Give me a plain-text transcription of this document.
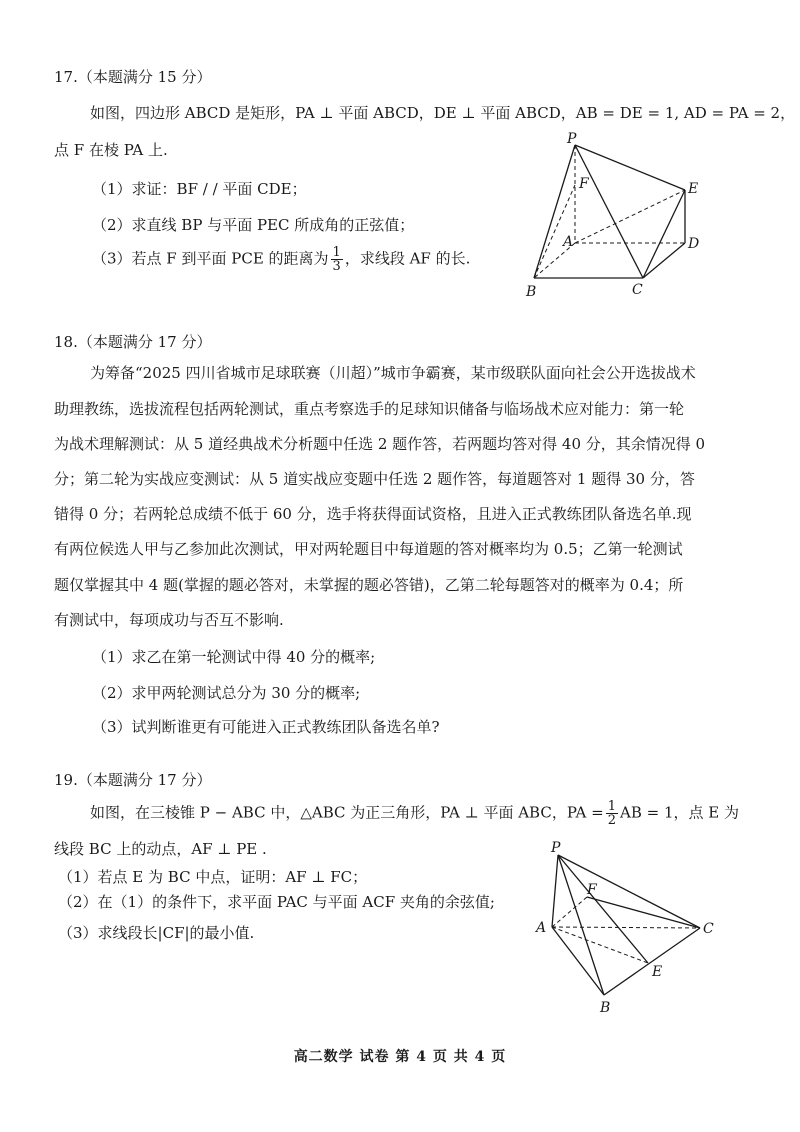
17.（本题满分 15 分）
如图，四边形 ABCD 是矩形，PA ⊥ 平面 ABCD，DE ⊥ 平面 ABCD，AB = DE = 1, AD = PA = 2，
点 F 在棱 PA 上.
（1）求证：BF / / 平面 CDE；
（2）求直线 BP 与平面 PEC 所成角的正弦值；
（3）若点 F 到平面 PCE 的距离为 $\frac{1}{3}$ ，求线段 AF 的长.
P
F	E
A	D
B	C
18.（本题满分 17 分）
为筹备“2025 四川省城市足球联赛（川超）”城市争霸赛，某市级联队面向社会公开选拔战术
助理教练，选拔流程包括两轮测试，重点考察选手的足球知识储备与临场战术应对能力：第一轮
为战术理解测试：从 5 道经典战术分析题中任选 2 题作答，若两题均答对得 40 分，其余情况得 0
分；第二轮为实战应变测试：从 5 道实战应变题中任选 2 题作答，每道题答对 1 题得 30 分，答
错得 0 分；若两轮总成绩不低于 60 分，选手将获得面试资格，且进入正式教练团队备选名单.现
有两位候选人甲与乙参加此次测试，甲对两轮题目中每道题的答对概率均为 0.5；乙第一轮测试
题仅掌握其中 4 题(掌握的题必答对，未掌握的题必答错)，乙第二轮每题答对的概率为 0.4；所
有测试中，每项成功与否互不影响.
（1）求乙在第一轮测试中得 40 分的概率;
（2）求甲两轮测试总分为 30 分的概率;
（3）试判断谁更有可能进入正式教练团队备选名单?
19.（本题满分 17 分）
如图，在三棱锥 P − ABC 中，△ABC 为正三角形，PA ⊥ 平面 ABC，PA = $\frac{1}{2}$ AB = 1，点 E 为
线段 BC 上的动点，AF ⊥ PE .
（1）若点 E 为 BC 中点，证明：AF ⊥ FC；
（2）在（1）的条件下，求平面 PAC 与平面 ACF 夹角的余弦值;
（3）求线段长|CF|的最小值.
P
F
A	C
E
B
高二数学 试卷 第 4 页 共 4 页
